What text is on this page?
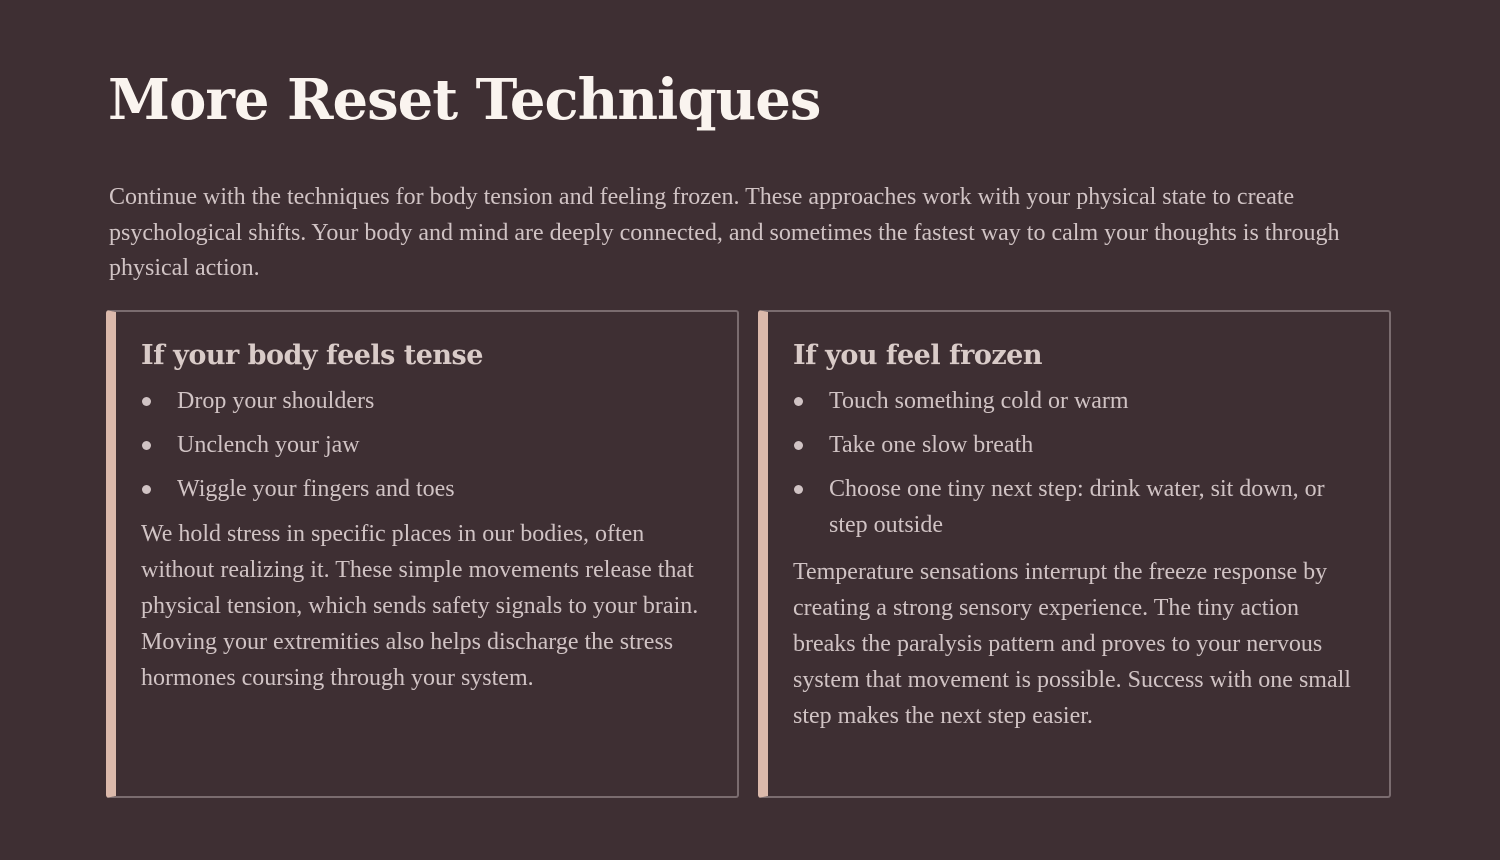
More Reset Techniques

Continue with the techniques for body tension and feeling frozen. These approaches work with your physical state to create psychological shifts. Your body and mind are deeply connected, and sometimes the fastest way to calm your thoughts is through physical action.

If your body feels tense
Drop your shoulders
Unclench your jaw
Wiggle your fingers and toes

We hold stress in specific places in our bodies, often without realizing it. These simple movements release that physical tension, which sends safety signals to your brain. Moving your extremities also helps discharge the stress hormones coursing through your system.

If you feel frozen
Touch something cold or warm
Take one slow breath
Choose one tiny next step: drink water, sit down, or step outside

Temperature sensations interrupt the freeze response by creating a strong sensory experience. The tiny action breaks the paralysis pattern and proves to your nervous system that movement is possible. Success with one small step makes the next step easier.
